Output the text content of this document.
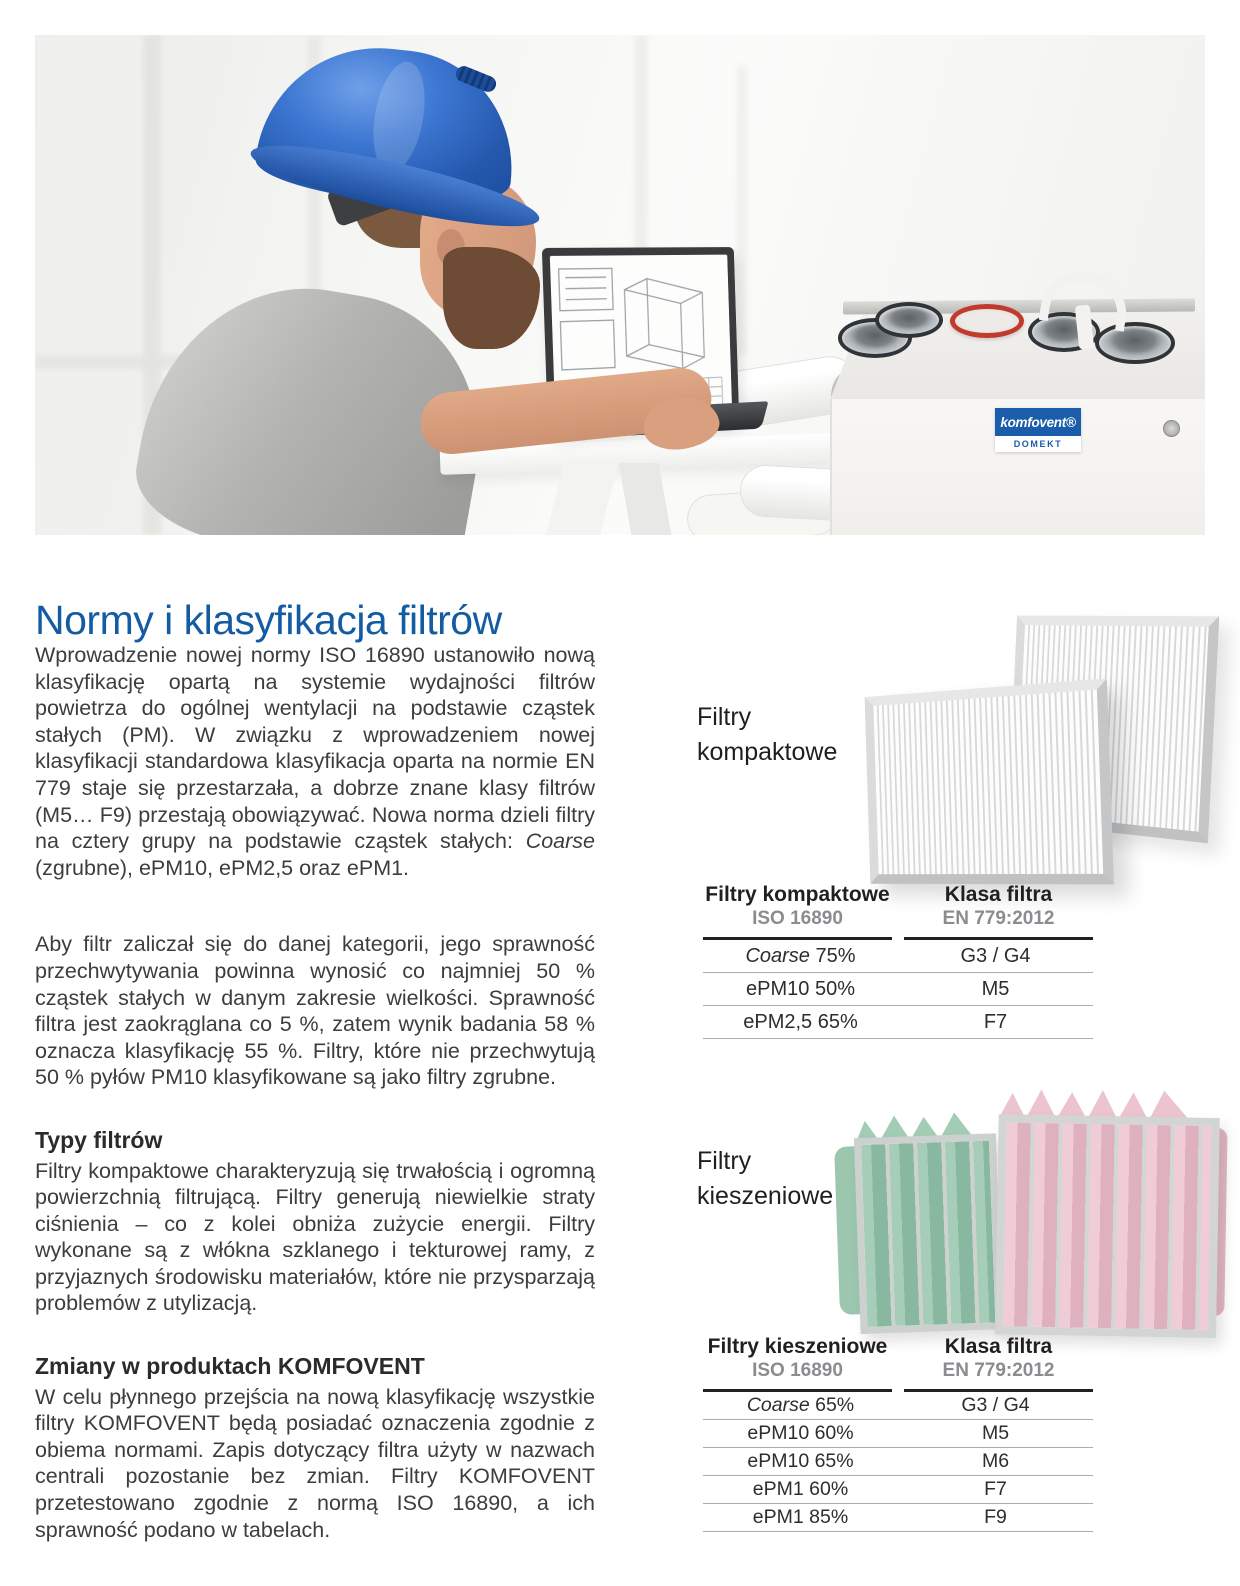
komfovent®
DOMEKT
Normy i klasyfikacja filtrów

Wprowadzenie nowej normy ISO 16890 ustanowiło nową klasyfikację opartą na systemie wydajności filtrów powietrza do ogólnej wentylacji na podstawie cząstek stałych (PM). W związku z wprowadzeniem nowej klasyfikacji standardowa klasyfikacja oparta na normie EN 779 staje się przestarzała, a dobrze znane klasy filtrów (M5… F9) przestają obowiązywać. Nowa norma dzieli filtry na cztery grupy na podstawie cząstek stałych: Coarse (zgrubne), ePM10, ePM2,5 oraz ePM1.

Aby filtr zaliczał się do danej kategorii, jego sprawność przechwytywania powinna wynosić co najmniej 50 % cząstek stałych w danym zakresie wielkości. Sprawność filtra jest zaokrąglana co 5 %, zatem wynik badania 58 % oznacza klasyfikację 55 %. Filtry, które nie przechwytują 50 % pyłów PM10 klasyfikowane są jako filtry zgrubne.

Typy filtrów

Filtry kompaktowe charakteryzują się trwałością i ogromną powierzchnią filtrującą. Filtry generują niewielkie straty ciśnienia – co z kolei obniża zużycie energii. Filtry wykonane są z włókna szklanego i tekturowej ramy, z przyjaznych środowisku materiałów, które nie przysparzają problemów z utylizacją.

Zmiany w produktach KOMFOVENT

W celu płynnego przejścia na nową klasyfikację wszystkie filtry KOMFOVENT będą posiadać oznaczenia zgodnie z obiema normami. Zapis dotyczący filtra użyty w nazwach centrali pozostanie bez zmian. Filtry KOMFOVENT przetestowano zgodnie z normą ISO 16890, a ich sprawność podano w tabelach.

Filtry kompaktowe
Filtry kompaktowe
ISO 16890
Klasa filtra
EN 779:2012
Coarse 75%	G3 / G4
ePM10 50%	M5
ePM2,5 65%	F7
Filtry kieszeniowe
Filtry kieszeniowe
ISO 16890
Klasa filtra
EN 779:2012
Coarse 65%	G3 / G4
ePM10 60%	M5
ePM10 65%	M6
ePM1 60%	F7
ePM1 85%	F9
